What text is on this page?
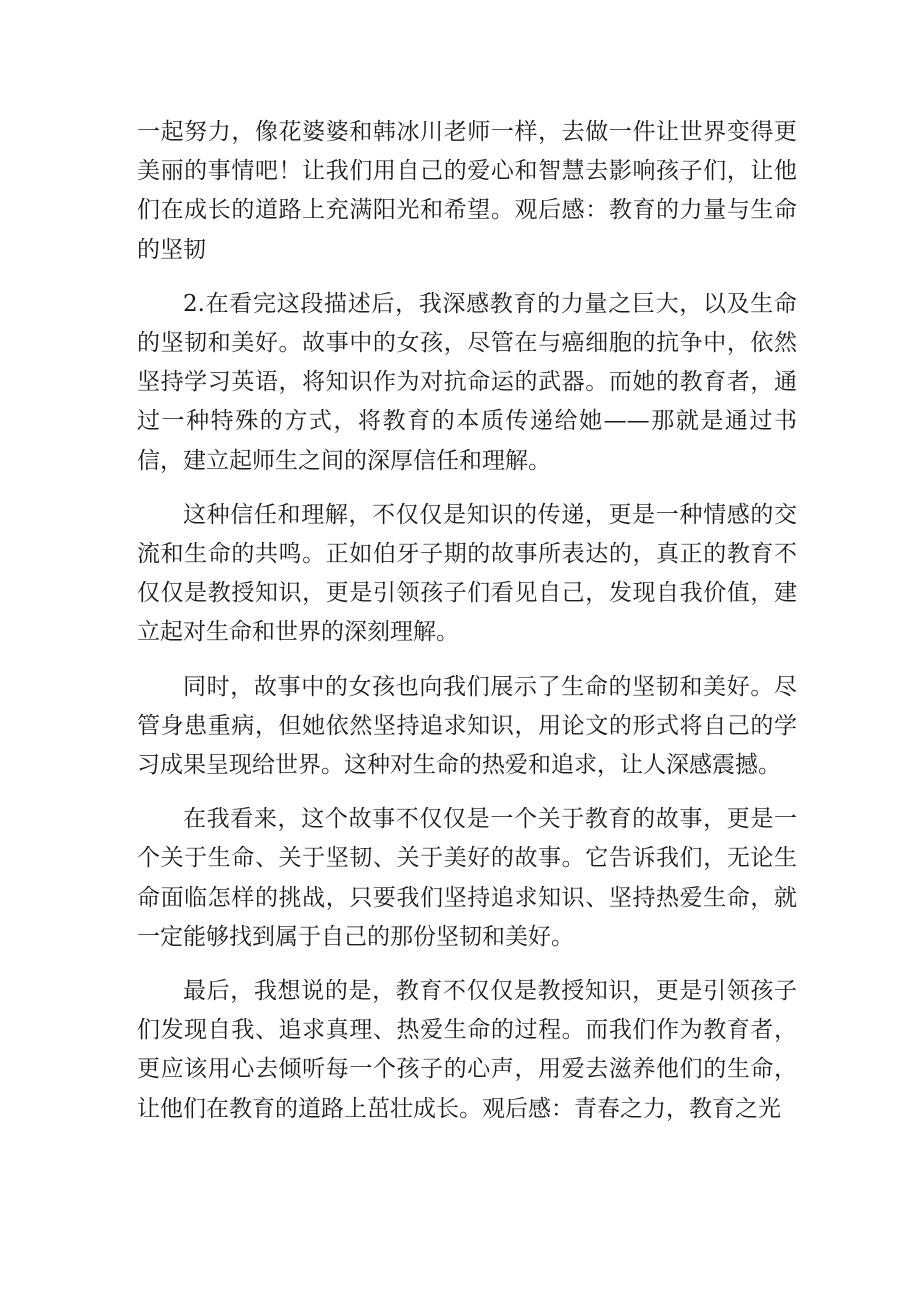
一起努力，像花婆婆和韩冰川老师一样，去做一件让世界变得更美丽的事情吧！让我们用自己的爱心和智慧去影响孩子们，让他们在成长的道路上充满阳光和希望。观后感：教育的力量与生命的坚韧

2.在看完这段描述后，我深感教育的力量之巨大，以及生命的坚韧和美好。故事中的女孩，尽管在与癌细胞的抗争中，依然坚持学习英语，将知识作为对抗命运的武器。而她的教育者，通过一种特殊的方式，将教育的本质传递给她——那就是通过书信，建立起师生之间的深厚信任和理解。

这种信任和理解，不仅仅是知识的传递，更是一种情感的交流和生命的共鸣。正如伯牙子期的故事所表达的，真正的教育不仅仅是教授知识，更是引领孩子们看见自己，发现自我价值，建立起对生命和世界的深刻理解。

同时，故事中的女孩也向我们展示了生命的坚韧和美好。尽管身患重病，但她依然坚持追求知识，用论文的形式将自己的学习成果呈现给世界。这种对生命的热爱和追求，让人深感震撼。

在我看来，这个故事不仅仅是一个关于教育的故事，更是一个关于生命、关于坚韧、关于美好的故事。它告诉我们，无论生命面临怎样的挑战，只要我们坚持追求知识、坚持热爱生命，就一定能够找到属于自己的那份坚韧和美好。

最后，我想说的是，教育不仅仅是教授知识，更是引领孩子们发现自我、追求真理、热爱生命的过程。而我们作为教育者，更应该用心去倾听每一个孩子的心声，用爱去滋养他们的生命，让他们在教育的道路上茁壮成长。观后感：青春之力，教育之光
